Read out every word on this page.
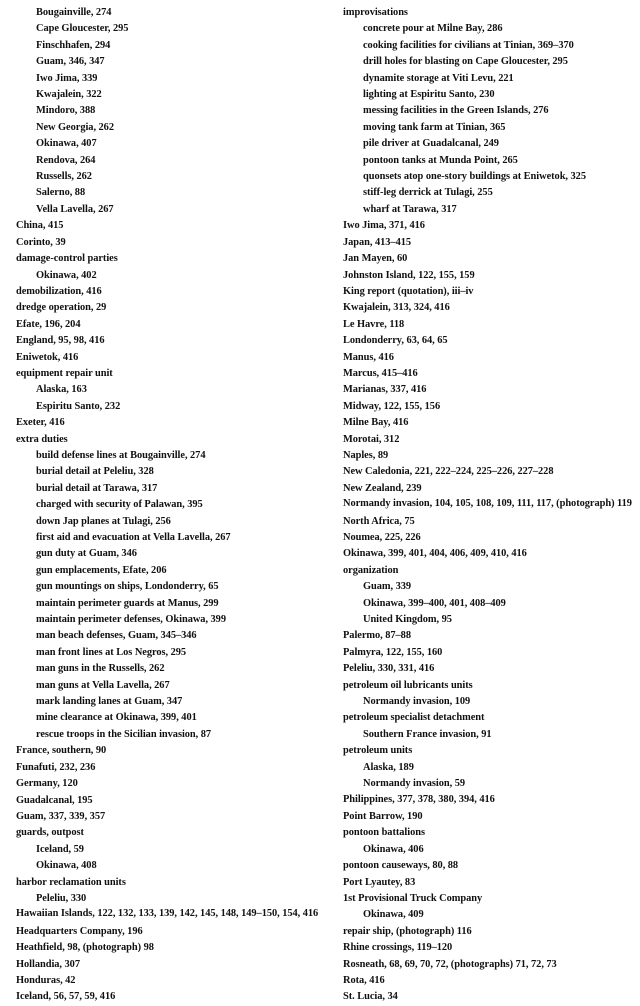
Bougainville, 274
Cape Gloucester, 295
Finschhafen, 294
Guam, 346, 347
Iwo Jima, 339
Kwajalein, 322
Mindoro, 388
New Georgia, 262
Okinawa, 407
Rendova, 264
Russells, 262
Salerno, 88
Vella Lavella, 267
China, 415
Corinto, 39
damage-control parties
Okinawa, 402
demobilization, 416
dredge operation, 29
Efate, 196, 204
England, 95, 98, 416
Eniwetok, 416
equipment repair unit
Alaska, 163
Espiritu Santo, 232
Exeter, 416
extra duties
build defense lines at Bougainville, 274
burial detail at Peleliu, 328
burial detail at Tarawa, 317
charged with security of Palawan, 395
down Jap planes at Tulagi, 256
first aid and evacuation at Vella Lavella, 267
gun duty at Guam, 346
gun emplacements, Efate, 206
gun mountings on ships, Londonderry, 65
maintain perimeter guards at Manus, 299
maintain perimeter defenses, Okinawa, 399
man beach defenses, Guam, 345–346
man front lines at Los Negros, 295
man guns in the Russells, 262
man guns at Vella Lavella, 267
mark landing lanes at Guam, 347
mine clearance at Okinawa, 399, 401
rescue troops in the Sicilian invasion, 87
France, southern, 90
Funafuti, 232, 236
Germany, 120
Guadalcanal, 195
Guam, 337, 339, 357
guards, outpost
Iceland, 59
Okinawa, 408
harbor reclamation units
Peleliu, 330
Hawaiian Islands, 122, 132, 133, 139, 142, 145, 148, 149–150, 154, 416
Headquarters Company, 196
Heathfield, 98, (photograph) 98
Hollandia, 307
Honduras, 42
Iceland, 56, 57, 59, 416
improvisations
concrete pour at Milne Bay, 286
cooking facilities for civilians at Tinian, 369–370
drill holes for blasting on Cape Gloucester, 295
dynamite storage at Viti Levu, 221
lighting at Espiritu Santo, 230
messing facilities in the Green Islands, 276
moving tank farm at Tinian, 365
pile driver at Guadalcanal, 249
pontoon tanks at Munda Point, 265
quonsets atop one-story buildings at Eniwetok, 325
stiff-leg derrick at Tulagi, 255
wharf at Tarawa, 317
Iwo Jima, 371, 416
Japan, 413–415
Jan Mayen, 60
Johnston Island, 122, 155, 159
King report (quotation), iii–iv
Kwajalein, 313, 324, 416
Le Havre, 118
Londonderry, 63, 64, 65
Manus, 416
Marcus, 415–416
Marianas, 337, 416
Midway, 122, 155, 156
Milne Bay, 416
Morotai, 312
Naples, 89
New Caledonia, 221, 222–224, 225–226, 227–228
New Zealand, 239
Normandy invasion, 104, 105, 108, 109, 111, 117, (photograph) 119
North Africa, 75
Noumea, 225, 226
Okinawa, 399, 401, 404, 406, 409, 410, 416
organization
Guam, 339
Okinawa, 399–400, 401, 408–409
United Kingdom, 95
Palermo, 87–88
Palmyra, 122, 155, 160
Peleliu, 330, 331, 416
petroleum oil lubricants units
Normandy invasion, 109
petroleum specialist detachment
Southern France invasion, 91
petroleum units
Alaska, 189
Normandy invasion, 59
Philippines, 377, 378, 380, 394, 416
Point Barrow, 190
pontoon battalions
Okinawa, 406
pontoon causeways, 80, 88
Port Lyautey, 83
1st Provisional Truck Company
Okinawa, 409
repair ship, (photograph) 116
Rhine crossings, 119–120
Rosneath, 68, 69, 70, 72, (photographs) 71, 72, 73
Rota, 416
St. Lucia, 34
